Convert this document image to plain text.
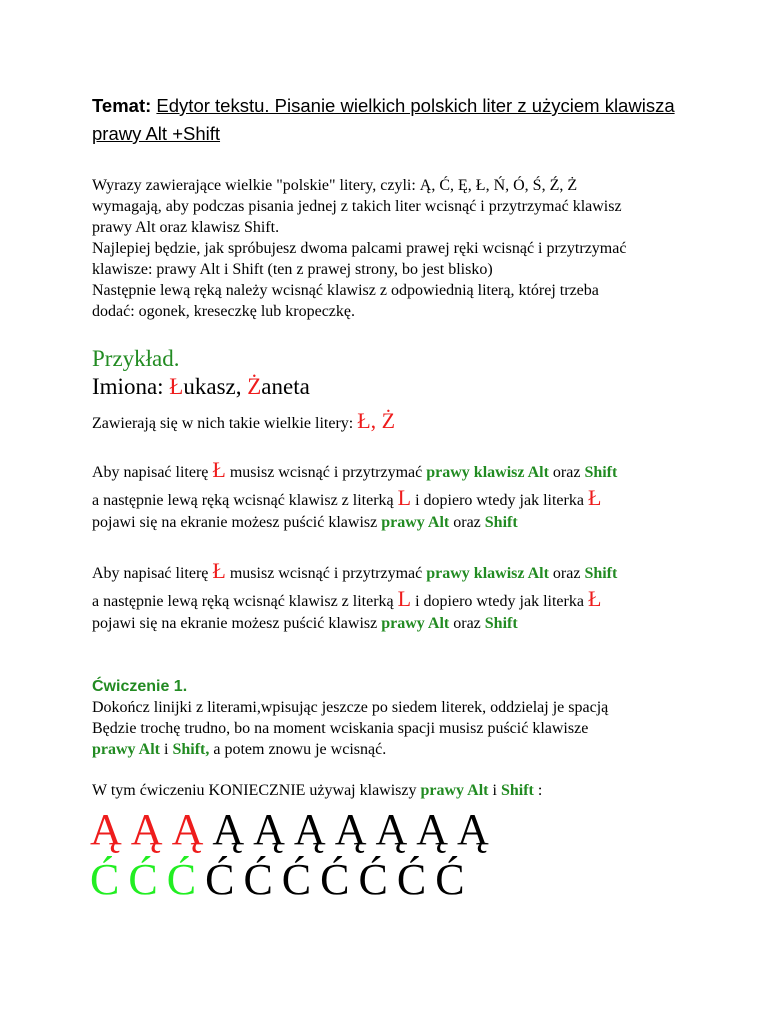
Temat: Edytor tekstu. Pisanie wielkich polskich liter z użyciem klawisza prawy Alt +Shift

Wyrazy zawierające wielkie "polskie" litery, czyli: Ą, Ć, Ę, Ł, Ń, Ó, Ś, Ź, Ż

wymagają, aby podczas pisania jednej z takich liter wcisnąć i przytrzymać klawisz

prawy Alt oraz klawisz Shift.

Najlepiej będzie, jak spróbujesz dwoma palcami prawej ręki wcisnąć i przytrzymać

klawisze: prawy Alt i Shift (ten z prawej strony, bo jest blisko)

Następnie lewą ręką należy wcisnąć klawisz z odpowiednią literą, której trzeba

dodać: ogonek, kreseczkę lub kropeczkę.

Przykład.
Imiona: Łukasz, Żaneta

Zawierają się w nich takie wielkie litery: Ł, Ż

Aby napisać literę Ł musisz wcisnąć i przytrzymać prawy klawisz Alt oraz Shift

a następnie lewą ręką wcisnąć klawisz z literką L i dopiero wtedy jak literka Ł

pojawi się na ekranie możesz puścić klawisz prawy Alt oraz Shift

Aby napisać literę Ł musisz wcisnąć i przytrzymać prawy klawisz Alt oraz Shift

a następnie lewą ręką wcisnąć klawisz z literką L i dopiero wtedy jak literka Ł

pojawi się na ekranie możesz puścić klawisz prawy Alt oraz Shift

Ćwiczenie 1.

Dokończ linijki z literami,wpisując jeszcze po siedem literek, oddzielaj je spacją

Będzie trochę trudno, bo na moment wciskania spacji musisz puścić klawisze

prawy Alt i Shift, a potem znowu je wcisnąć.

W tym ćwiczeniu KONIECZNIE używaj klawiszy prawy Alt i Shift :

Ą Ą Ą Ą Ą Ą Ą Ą Ą Ą
Ć Ć Ć Ć Ć Ć Ć Ć Ć Ć
